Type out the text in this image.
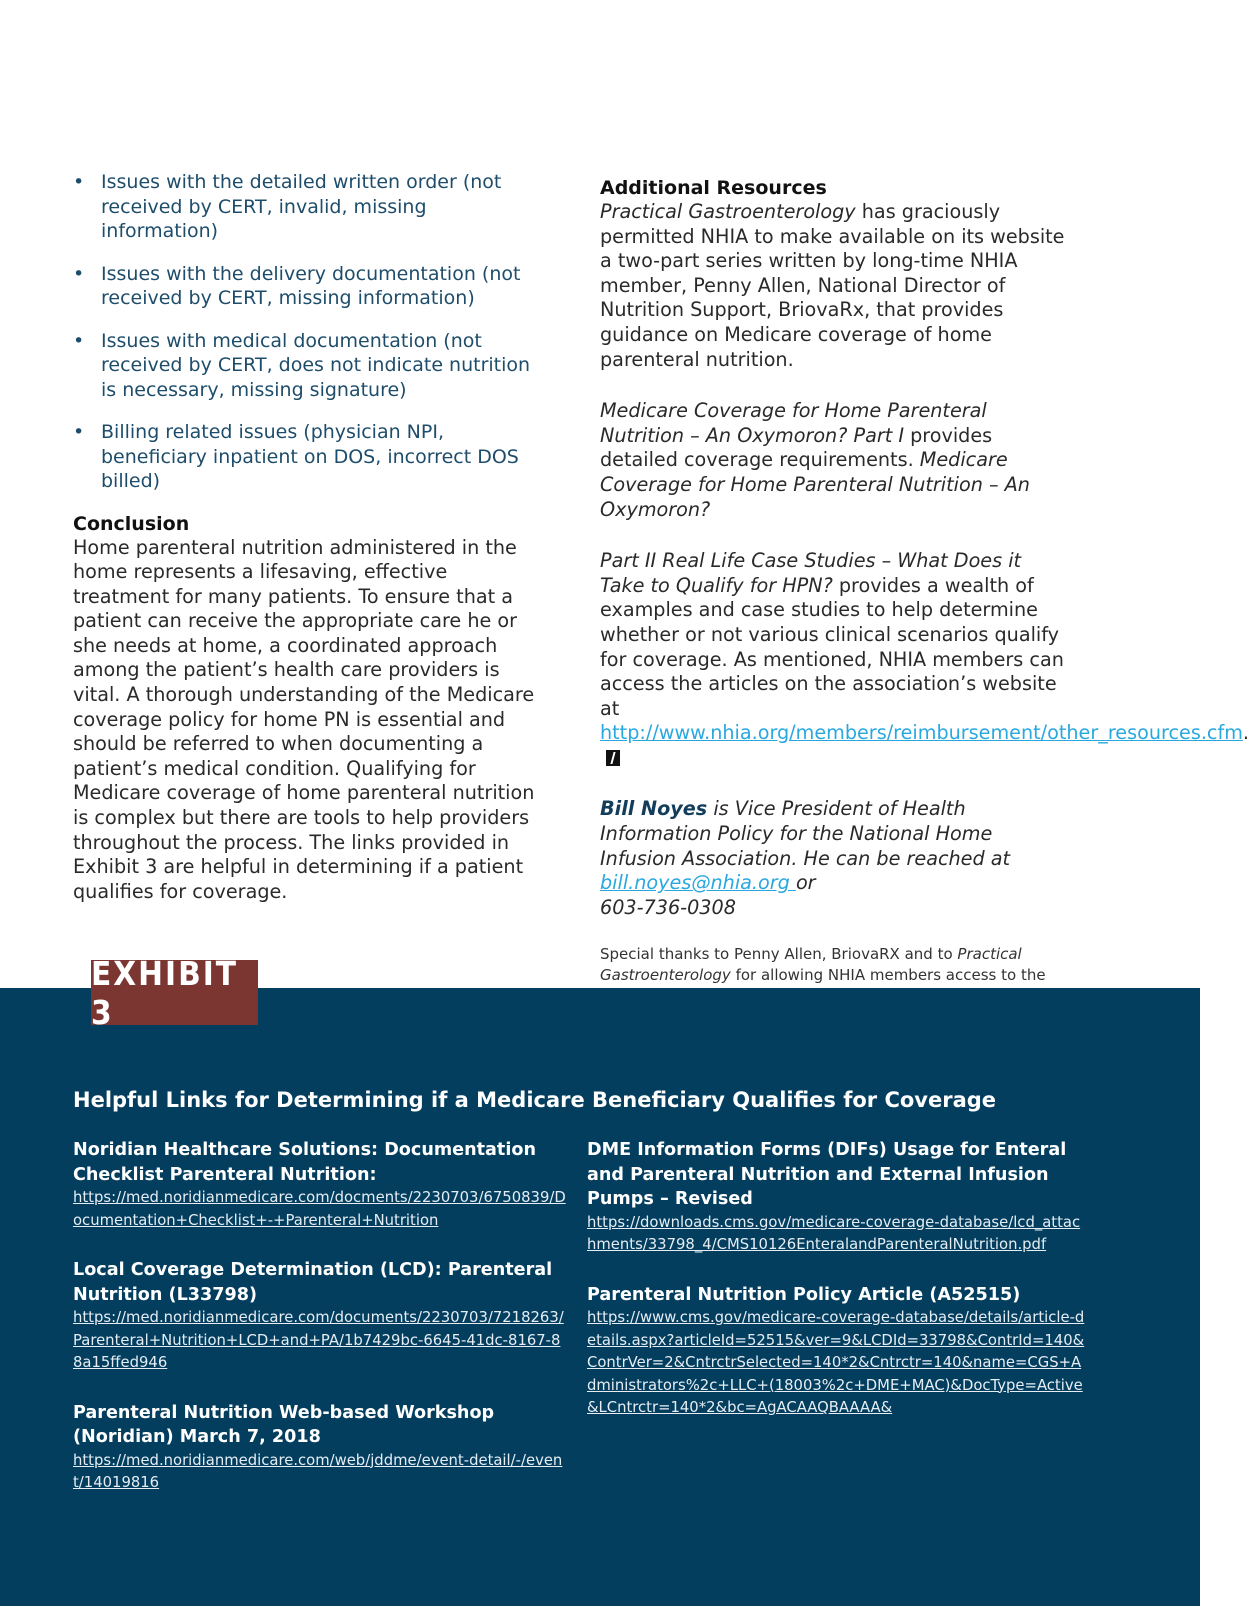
• Issues with the detailed written order (not received by CERT, invalid, missing information)
• Issues with the delivery documentation (not received by CERT, missing information)
• Issues with medical documentation (not received by CERT, does not indicate nutrition is necessary, missing signature)
• Billing related issues (physician NPI, beneficiary inpatient on DOS, incorrect DOS billed)
Conclusion

Home parenteral nutrition administered in the home represents a lifesaving, effective treatment for many patients. To ensure that a patient can receive the appropriate care he or she needs at home, a coordinated approach among the patient’s health care providers is vital. A thorough understanding of the Medicare coverage policy for home PN is essential and should be referred to when documenting a patient’s medical condition. Qualifying for Medicare coverage of home parenteral nutrition is complex but there are tools to help providers throughout the process. The links provided in Exhibit 3 are helpful in determining if a patient qualifies for coverage.

Additional Resources

Practical Gastroenterology has graciously permitted NHIA to make available on its website a two-part series written by long-time NHIA member, Penny Allen, National Director of Nutrition Support, BriovaRx, that provides guidance on Medicare coverage of home parenteral nutrition.

Medicare Coverage for Home Parenteral Nutrition – An Oxymoron? Part I provides detailed coverage requirements. Medicare Coverage for Home Parenteral Nutrition – An Oxymoron?

Part II Real Life Case Studies – What Does it Take to Qualify for HPN? provides a wealth of examples and case studies to help determine whether or not various clinical scenarios qualify for coverage. As mentioned, NHIA members can access the articles on the association’s website at http://www.nhia.org/members/reimbursement/other_resources.cfm.

Bill Noyes is Vice President of Health Information Policy for the National Home Infusion Association. He can be reached at bill.noyes@nhia.org or
603-736-0308

Special thanks to Penny Allen, BriovaRX and to Practical Gastroenterology for allowing NHIA members access to the

EXHIBIT 3
Helpful Links for Determining if a Medicare Beneficiary Qualifies for Coverage
Noridian Healthcare Solutions: Documentation Checklist Parenteral Nutrition:
https://med.noridianmedicare.com/docments/2230703/6750839/Documentation+Checklist+-+Parenteral+Nutrition
Local Coverage Determination (LCD): Parenteral Nutrition (L33798)
https://med.noridianmedicare.com/documents/2230703/7218263/Parenteral+Nutrition+LCD+and+PA/1b7429bc-6645-41dc-8167-88a15ffed946
Parenteral Nutrition Web-based Workshop (Noridian) March 7, 2018
https://med.noridianmedicare.com/web/jddme/event-detail/-/event/14019816
DME Information Forms (DIFs) Usage for Enteral and Parenteral Nutrition and External Infusion Pumps – Revised
https://downloads.cms.gov/medicare-coverage-database/lcd_attachments/33798_4/CMS10126EnteralandParenteralNutrition.pdf
Parenteral Nutrition Policy Article (A52515)
https://www.cms.gov/medicare-coverage-database/details/article-details.aspx?articleId=52515&ver=9&LCDId=33798&ContrId=140&ContrVer=2&CntrctrSelected=140*2&Cntrctr=140&name=CGS+Administrators%2c+LLC+(18003%2c+DME+MAC)&DocType=Active&LCntrctr=140*2&bc=AgACAAQBAAAA&
